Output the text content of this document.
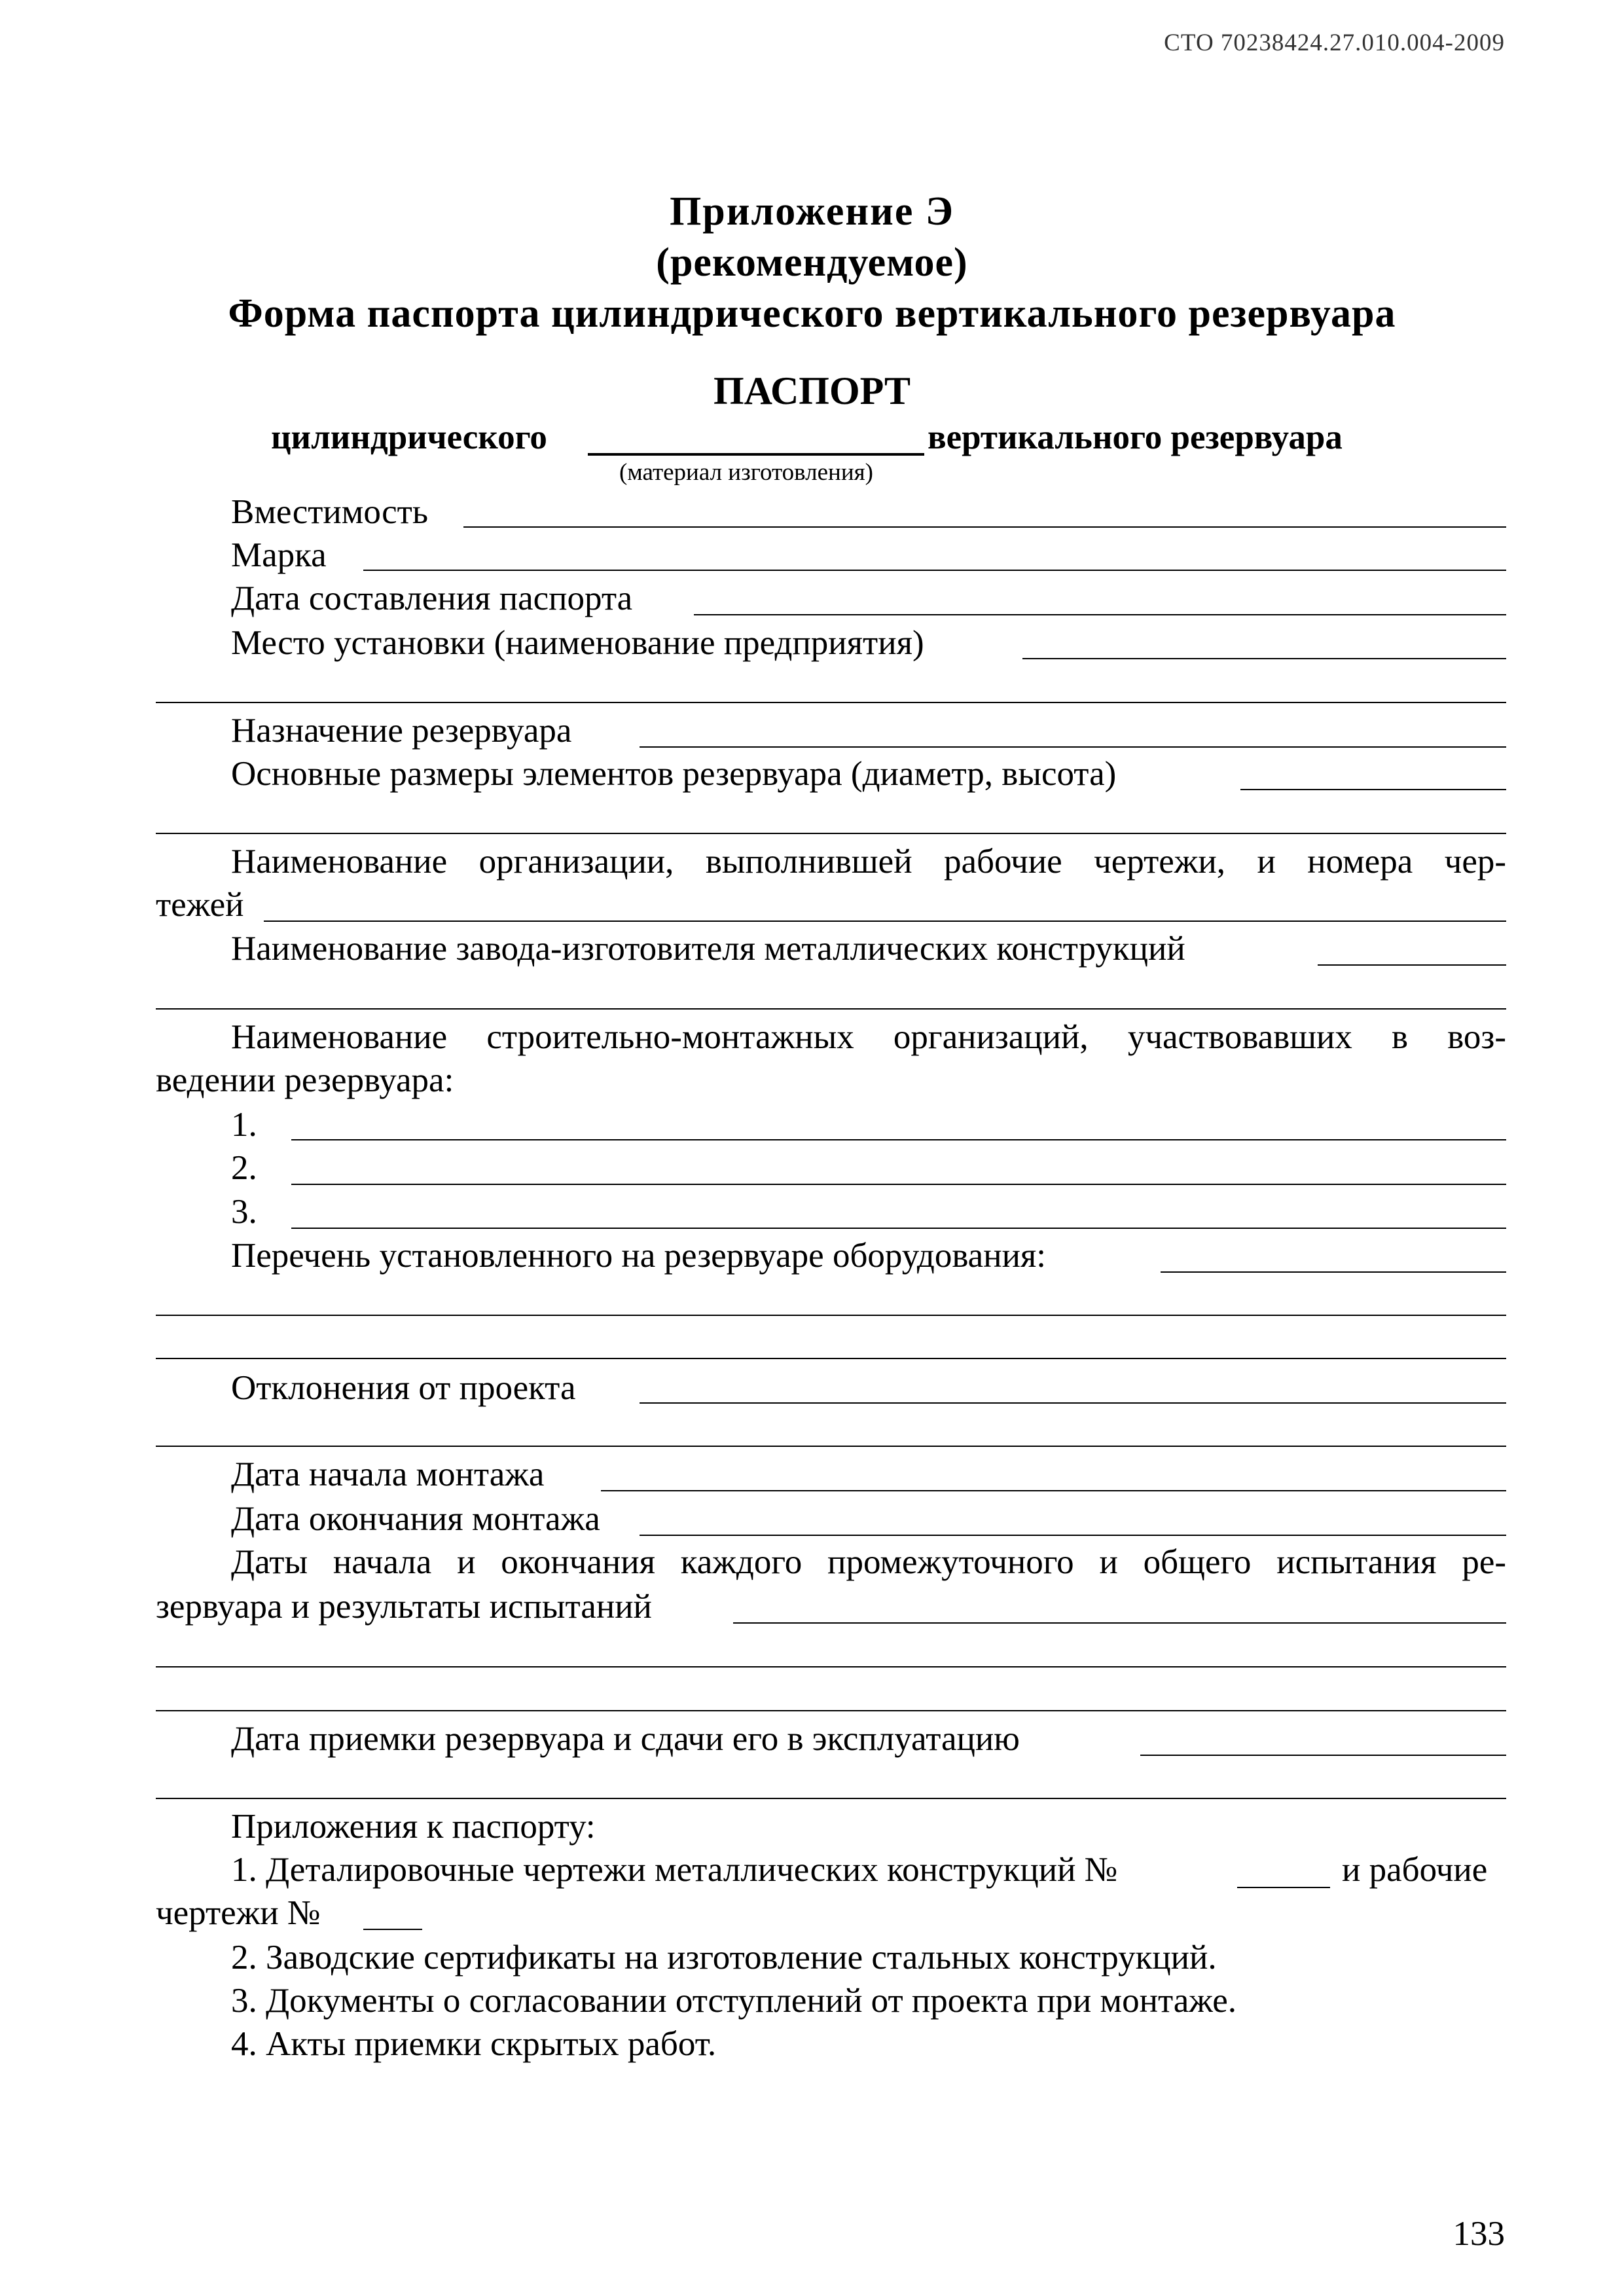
СТО 70238424.27.010.004-2009
Приложение Э
(рекомендуемое)
Форма паспорта цилиндрического вертикального резервуара
ПАСПОРТ
цилиндрического	вертикального резервуара
(материал изготовления)
Вместимость
Марка
Дата составления паспорта
Место установки (наименование предприятия)
Назначение резервуара
Основные размеры элементов резервуара (диаметр, высота)
Наименование организации, выполнившей рабочие чертежи, и номера чер-
тежей
Наименование завода-изготовителя металлических конструкций
Наименование строительно-монтажных организаций, участвовавших в воз-
ведении резервуара:
1.
2.
3.
Перечень установленного на резервуаре оборудования:
Отклонения от проекта
Дата начала монтажа
Дата окончания монтажа
Даты начала и окончания каждого промежуточного и общего испытания ре-
зервуара и результаты испытаний
Дата приемки резервуара и сдачи его в эксплуатацию
Приложения к паспорту:
1. Деталировочные чертежи металлических конструкций №	и рабочие
чертежи №
2. Заводские сертификаты на изготовление стальных конструкций.
3. Документы о согласовании отступлений от проекта при монтаже.
4. Акты приемки скрытых работ.
133
